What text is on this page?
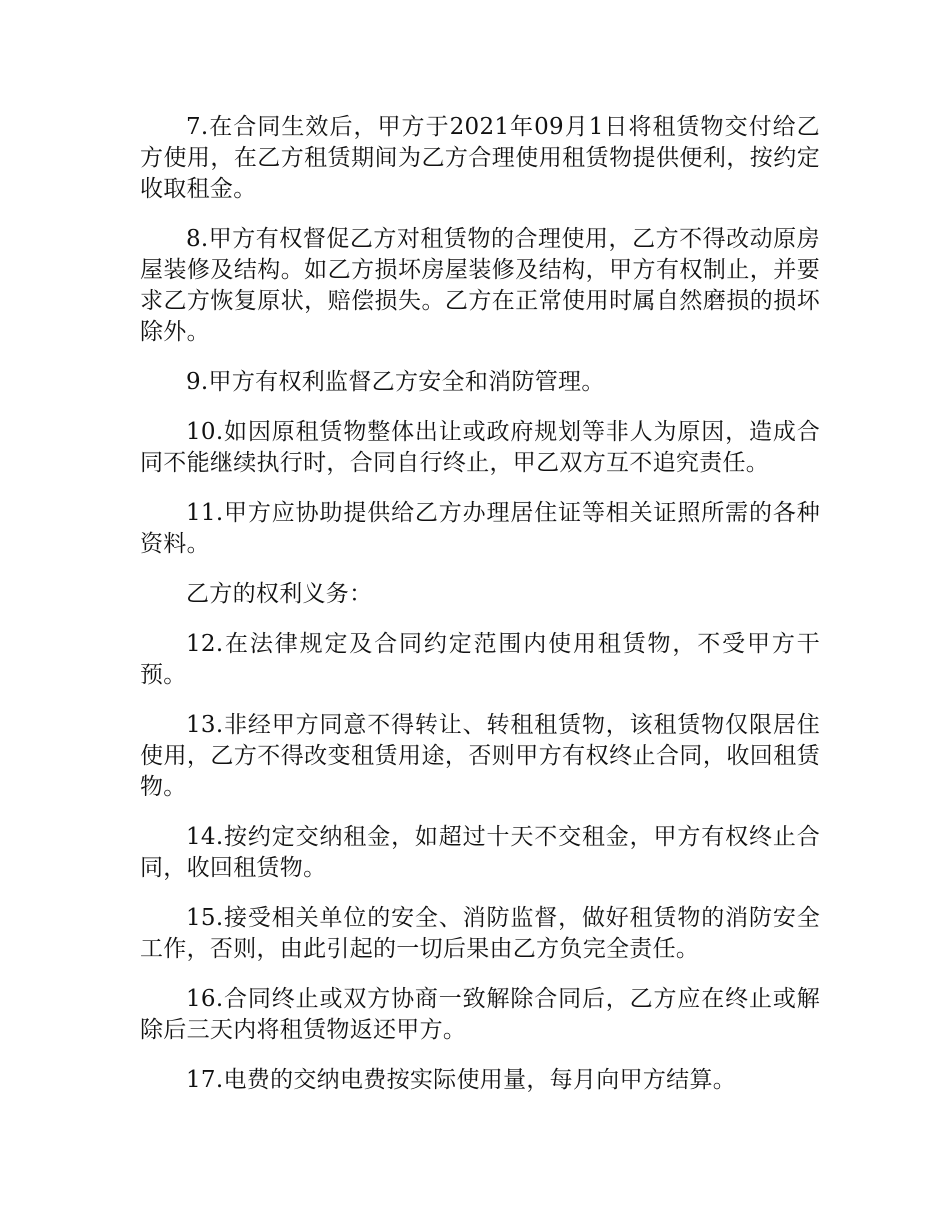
7.在合同生效后，甲方于2021年09月1日将租赁物交付给乙方使用，在乙方租赁期间为乙方合理使用租赁物提供便利，按约定收取租金。

8.甲方有权督促乙方对租赁物的合理使用，乙方不得改动原房屋装修及结构。如乙方损坏房屋装修及结构，甲方有权制止，并要求乙方恢复原状，赔偿损失。乙方在正常使用时属自然磨损的损坏除外。

9.甲方有权利监督乙方安全和消防管理。

10.如因原租赁物整体出让或政府规划等非人为原因，造成合同不能继续执行时，合同自行终止，甲乙双方互不追究责任。

11.甲方应协助提供给乙方办理居住证等相关证照所需的各种资料。

乙方的权利义务：

12.在法律规定及合同约定范围内使用租赁物，不受甲方干预。

13.非经甲方同意不得转让、转租租赁物，该租赁物仅限居住使用，乙方不得改变租赁用途，否则甲方有权终止合同，收回租赁物。

14.按约定交纳租金，如超过十天不交租金，甲方有权终止合同，收回租赁物。

15.接受相关单位的安全、消防监督，做好租赁物的消防安全工作，否则，由此引起的一切后果由乙方负完全责任。

16.合同终止或双方协商一致解除合同后，乙方应在终止或解除后三天内将租赁物返还甲方。

17.电费的交纳电费按实际使用量，每月向甲方结算。
